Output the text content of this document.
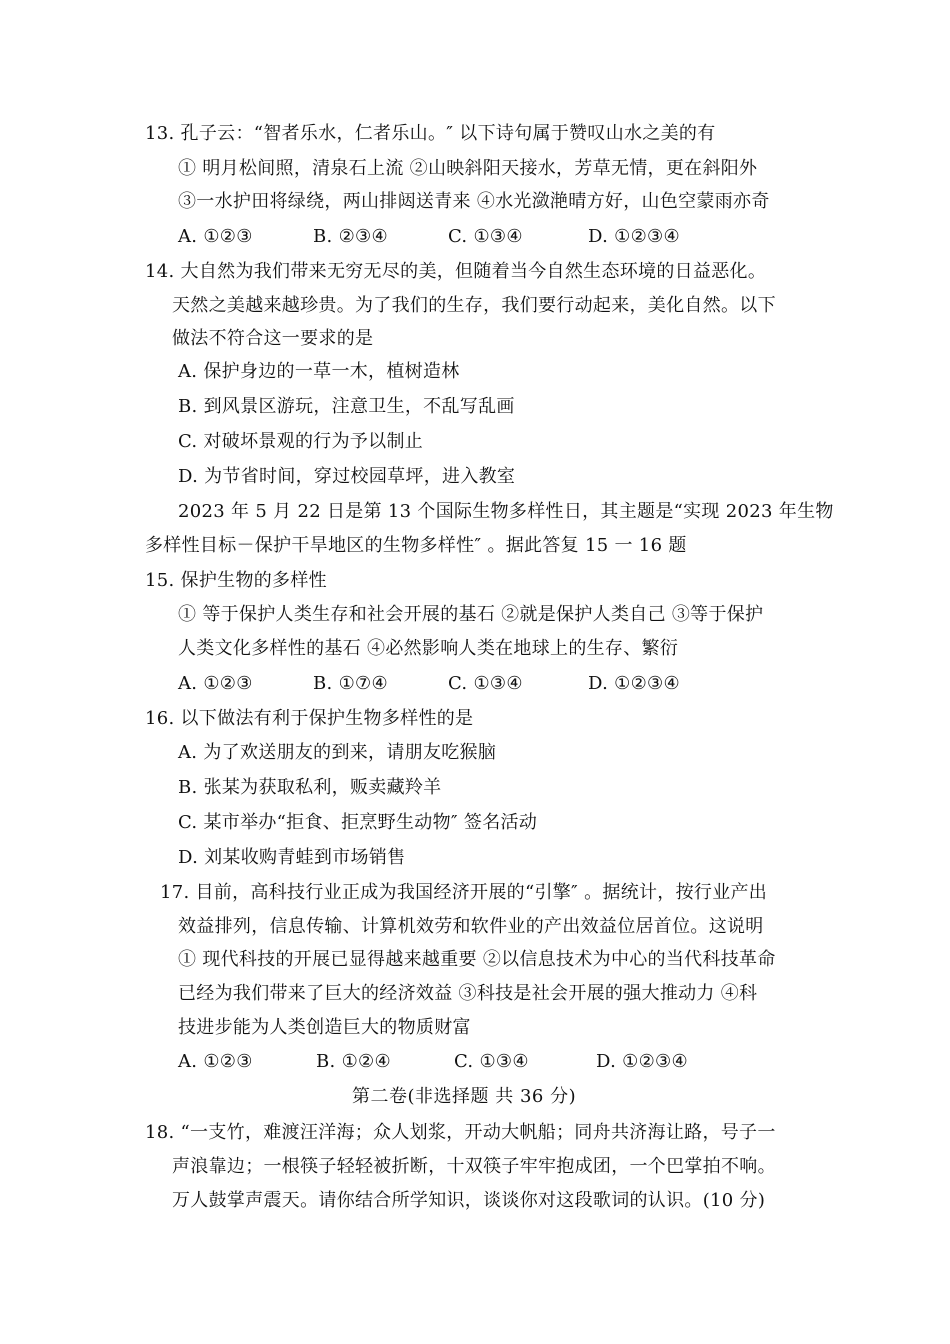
13. 孔子云：“智者乐水，仁者乐山。″ 以下诗句属于赞叹山水之美的有
① 明月松间照，清泉石上流 ②山映斜阳天接水，芳草无情，更在斜阳外
③一水护田将绿绕，两山排闼送青来 ④水光潋滟晴方好，山色空蒙雨亦奇
A. ①②③	B. ②③④	C. ①③④	D. ①②③④
14. 大自然为我们带来无穷无尽的美，但随着当今自然生态环境的日益恶化。
天然之美越来越珍贵。为了我们的生存，我们要行动起来，美化自然。以下
做法不符合这一要求的是
A. 保护身边的一草一木，植树造林
B. 到风景区游玩，注意卫生，不乱写乱画
C. 对破坏景观的行为予以制止
D. 为节省时间，穿过校园草坪，进入教室
2023 年 5 月 22 日是第 13 个国际生物多样性日，其主题是“实现 2023 年生物
多样性目标－保护干旱地区的生物多样性″ 。据此答复 15 一 16 题
15. 保护生物的多样性
① 等于保护人类生存和社会开展的基石 ②就是保护人类自己 ③等于保护
人类文化多样性的基石 ④必然影响人类在地球上的生存、繁衍
A. ①②③	B. ①⑦④	C. ①③④	D. ①②③④
16. 以下做法有利于保护生物多样性的是
A. 为了欢送朋友的到来，请朋友吃猴脑
B. 张某为获取私利，贩卖藏羚羊
C. 某市举办“拒食、拒烹野生动物″ 签名活动
D. 刘某收购青蛙到市场销售
17. 目前，高科技行业正成为我国经济开展的“引擎″ 。据统计，按行业产出
效益排列，信息传输、计算机效劳和软件业的产出效益位居首位。这说明
① 现代科技的开展已显得越来越重要 ②以信息技术为中心的当代科技革命
已经为我们带来了巨大的经济效益 ③科技是社会开展的强大推动力 ④科
技进步能为人类创造巨大的物质财富
A. ①②③	B. ①②④	C. ①③④	D. ①②③④
第二卷(非选择题 共 36 分)
18. “一支竹，难渡汪洋海；众人划浆，开动大帆船；同舟共济海让路，号子一
声浪靠边；一根筷子轻轻被折断，十双筷子牢牢抱成团，一个巴掌拍不响。
万人鼓掌声震天。请你结合所学知识，谈谈你对这段歌词的认识。(10 分)
